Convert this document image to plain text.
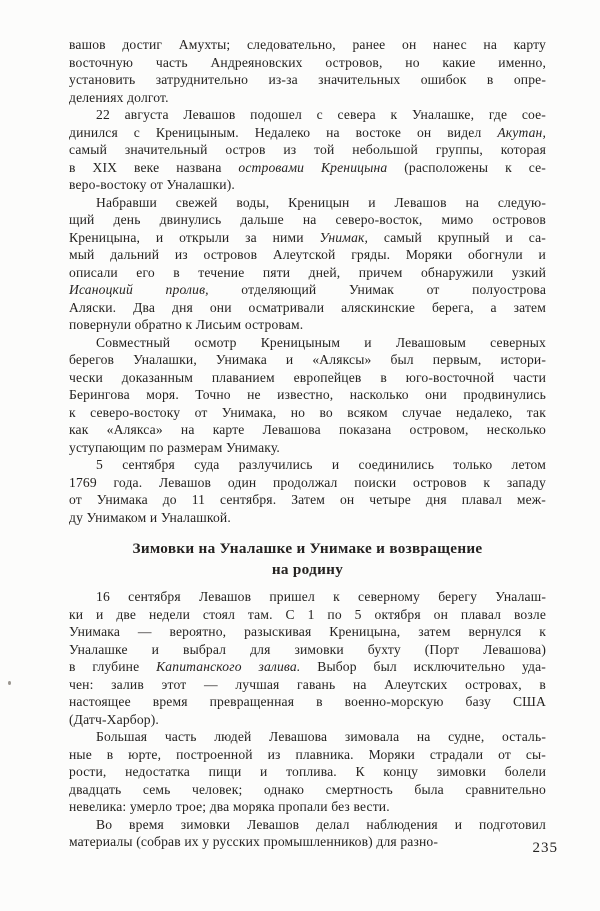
вашов достиг Амухты; следовательно, ранее он нанес на карту
восточную часть Андреяновских островов, но какие именно,
установить затруднительно из-за значительных ошибок в опре-
делениях долгот.
22 августа Левашов подошел с севера к Уналашке, где сое-
динился с Креницыным. Недалеко на востоке он видел Акутан,
самый значительный остров из той небольшой группы, которая
в XIX веке названа островами Креницына (расположены к се-
веро-востоку от Уналашки).
Набравши свежей воды, Креницын и Левашов на следую-
щий день двинулись дальше на северо-восток, мимо островов
Креницына, и открыли за ними Унимак, самый крупный и са-
мый дальний из островов Алеутской гряды. Моряки обогнули и
описали его в течение пяти дней, причем обнаружили узкий
Исаноцкий пролив, отделяющий Унимак от полуострова
Аляски. Два дня они осматривали аляскинские берега, а затем
повернули обратно к Лисьим островам.
Совместный осмотр Креницыным и Левашовым северных
берегов Уналашки, Унимака и «Аляксы» был первым, истори-
чески доказанным плаванием европейцев в юго-восточной части
Берингова моря. Точно не известно, насколько они продвинулись
к северо-востоку от Унимака, но во всяком случае недалеко, так
как «Алякса» на карте Левашова показана островом, несколько
уступающим по размерам Унимаку.
5 сентября суда разлучились и соединились только летом
1769 года. Левашов один продолжал поиски островов к западу
от Унимака до 11 сентября. Затем он четыре дня плавал меж-
ду Унимаком и Уналашкой.
Зимовки на Уналашке и Унимаке и возвращение
на родину
16 сентября Левашов пришел к северному берегу Уналаш-
ки и две недели стоял там. С 1 по 5 октября он плавал возле
Унимака — вероятно, разыскивая Креницына, затем вернулся к
Уналашке и выбрал для зимовки бухту (Порт Левашова)
в глубине Капитанского залива. Выбор был исключительно уда-
чен: залив этот — лучшая гавань на Алеутских островах, в
настоящее время превращенная в военно-морскую базу США
(Датч-Харбор).
Большая часть людей Левашова зимовала на судне, осталь-
ные в юрте, построенной из плавника. Моряки страдали от сы-
рости, недостатка пищи и топлива. К концу зимовки болели
двадцать семь человек; однако смертность была сравнительно
невелика: умерло трое; два моряка пропали без вести.
Во время зимовки Левашов делал наблюдения и подготовил
материалы (собрав их у русских промышленников) для разно-	235
